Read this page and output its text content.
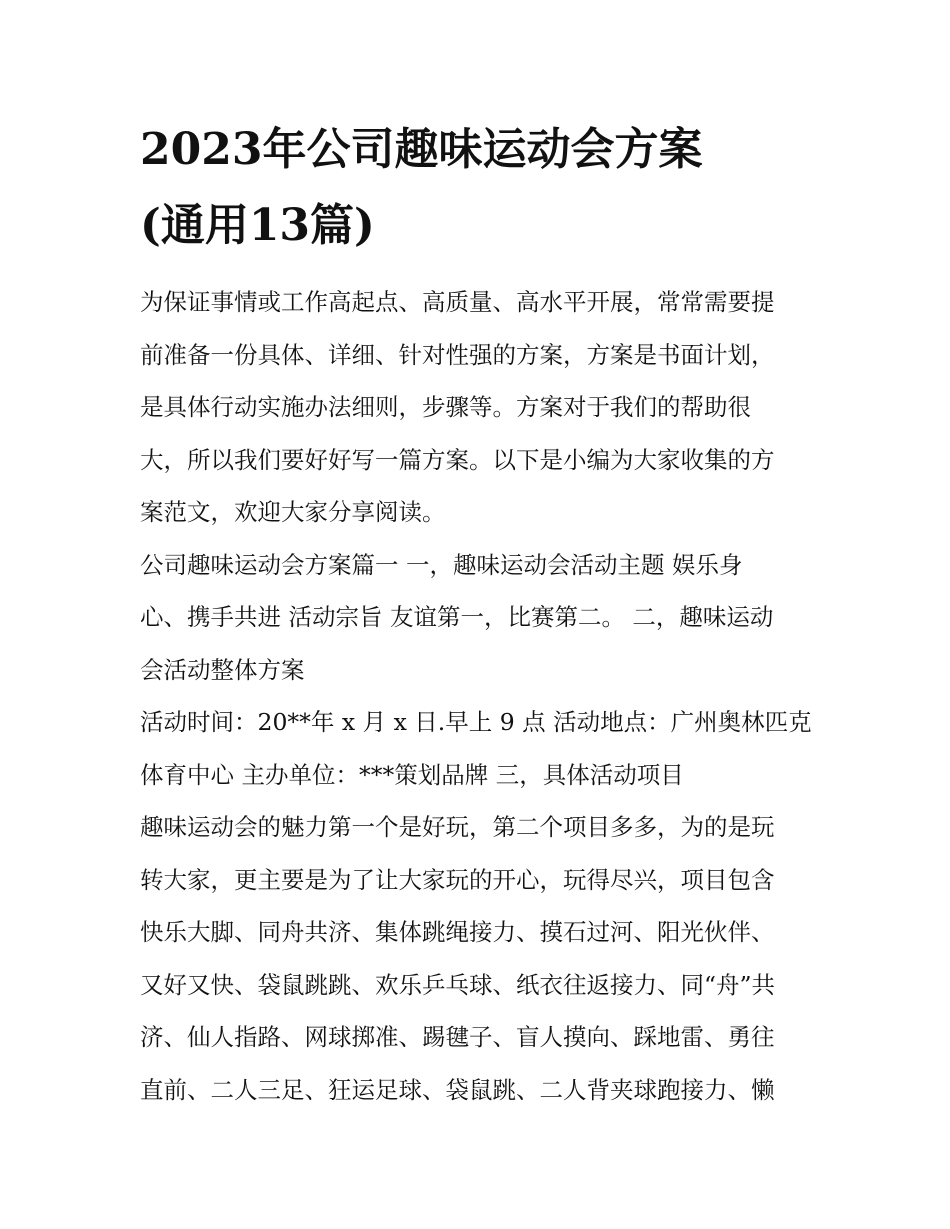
2023年公司趣味运动会方案
(通用13篇)

为保证事情或工作高起点、高质量、高水平开展，常常需要提
前准备一份具体、详细、针对性强的方案，方案是书面计划，
是具体行动实施办法细则，步骤等。方案对于我们的帮助很
大，所以我们要好好写一篇方案。以下是小编为大家收集的方
案范文，欢迎大家分享阅读。

公司趣味运动会方案篇一 一，趣味运动会活动主题 娱乐身
心、携手共进 活动宗旨 友谊第一，比赛第二。 二，趣味运动
会活动整体方案

活动时间：20**年 x 月 x 日.早上 9 点 活动地点：广州奥林匹克
体育中心 主办单位：***策划品牌 三，具体活动项目

趣味运动会的魅力第一个是好玩，第二个项目多多，为的是玩
转大家，更主要是为了让大家玩的开心，玩得尽兴，项目包含
快乐大脚、同舟共济、集体跳绳接力、摸石过河、阳光伙伴、
又好又快、袋鼠跳跳、欢乐乒乓球、纸衣往返接力、同“舟”共
济、仙人指路、网球掷准、踢毽子、盲人摸向、踩地雷、勇往
直前、二人三足、狂运足球、袋鼠跳、二人背夹球跑接力、懒
